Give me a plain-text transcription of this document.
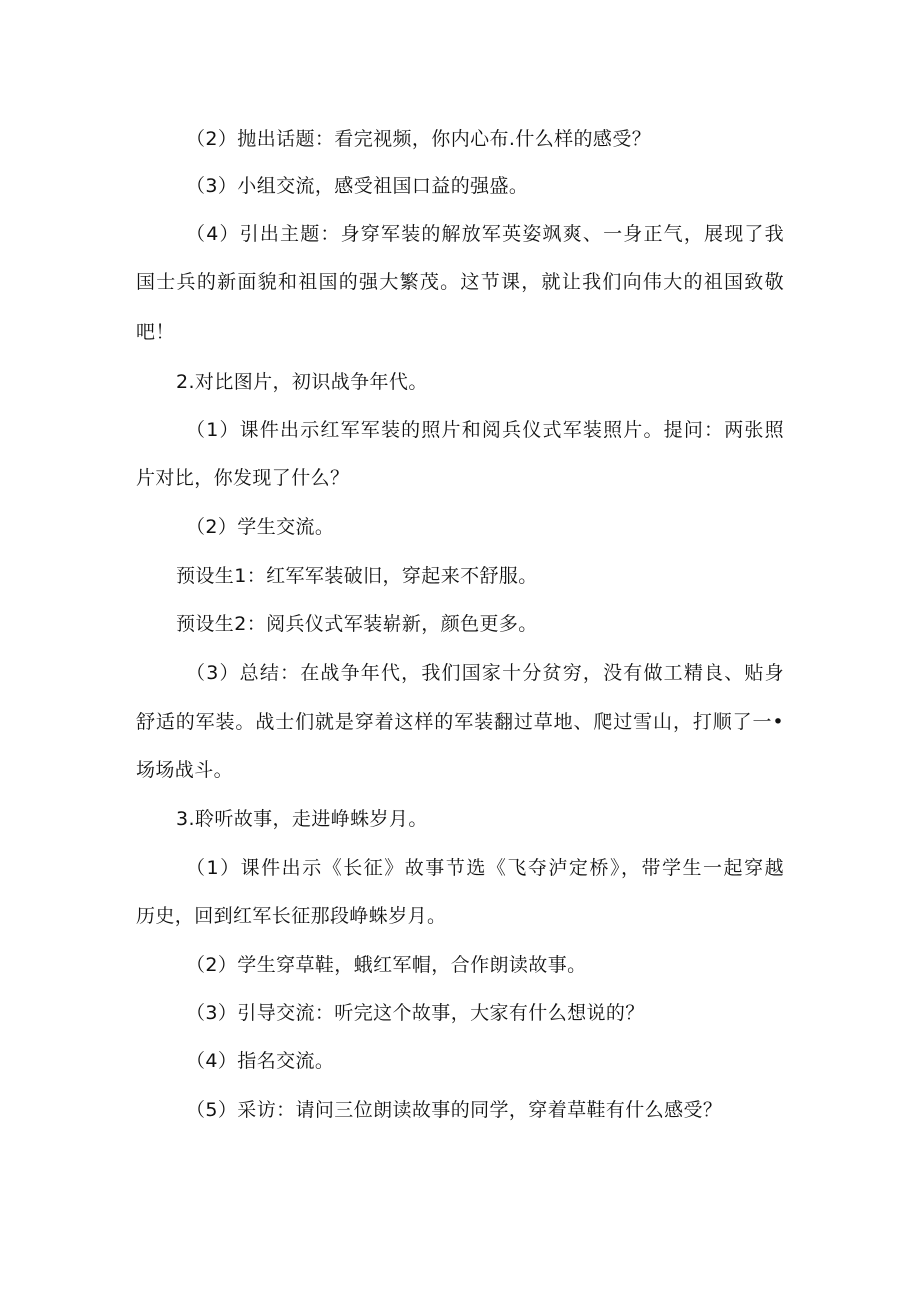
（2）抛出话题：看完视频，你内心布.什么样的感受？
（3）小组交流，感受祖国口益的强盛。
（4）引出主题：身穿军装的解放军英姿飒爽、一身正气，展现了我
国士兵的新面貌和祖国的强大繁茂。这节课，就让我们向伟大的祖国致敬
吧！
2.对比图片，初识战争年代。
（1）课件出示红军军装的照片和阅兵仪式军装照片。提问：两张照
片对比，你发现了什么？
（2）学生交流。
预设生1：红军军装破旧，穿起来不舒服。
预设生2：阅兵仪式军装崭新，颜色更多。
（3）总结：在战争年代，我们国家十分贫穷，没有做工精良、贴身
舒适的军装。战士们就是穿着这样的军装翻过草地、爬过雪山，打顺了一•
场场战斗。
3.聆听故事，走进峥蛛岁月。
（1）课件出示《长征》故事节选《飞夺泸定桥》，带学生一起穿越
历史，回到红军长征那段峥蛛岁月。
（2）学生穿草鞋，蛾红军帽，合作朗读故事。
（3）引导交流：听完这个故事，大家有什么想说的？
（4）指名交流。
（5）采访：请问三位朗读故事的同学，穿着草鞋有什么感受？
